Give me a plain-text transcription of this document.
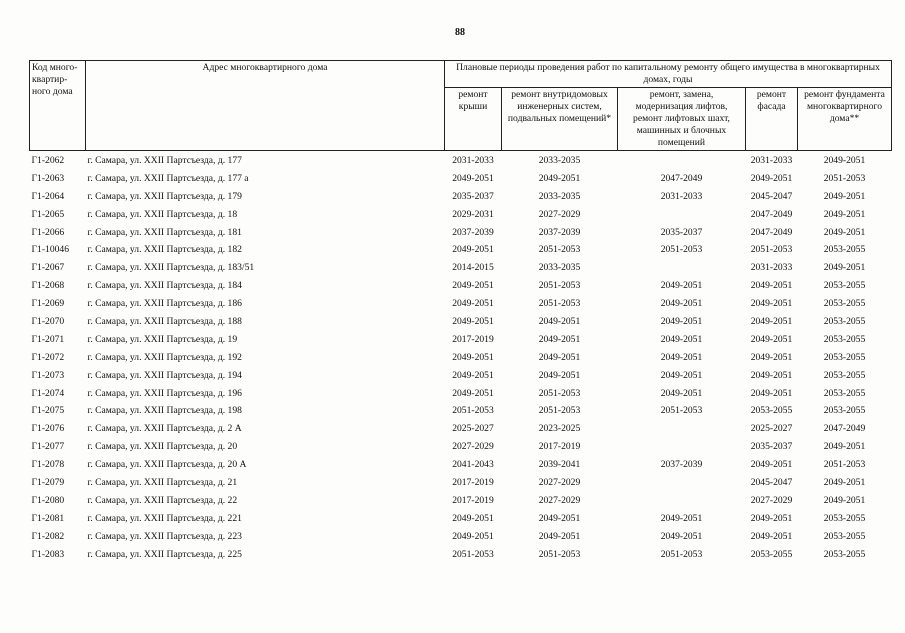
88
Код много-квартир-ного дома	Адрес многоквартирного дома	Плановые периоды проведения работ по капитальному ремонту общего имущества в многоквартирных домах, годы				
		ремонт крыши	ремонт внутридомовых инженерных систем, подвальных помещений*	ремонт, замена, модернизация лифтов, ремонт лифтовых шахт, машинных и блочных помещений	ремонт фасада	ремонт фундамента многоквартирного дома**
Г1-2062	г. Самара, ул. XXII Партсъезда, д. 177	2031-2033	2033-2035		2031-2033	2049-2051
Г1-2063	г. Самара, ул. XXII Партсъезда, д. 177 а	2049-2051	2049-2051	2047-2049	2049-2051	2051-2053
Г1-2064	г. Самара, ул. XXII Партсъезда, д. 179	2035-2037	2033-2035	2031-2033	2045-2047	2049-2051
Г1-2065	г. Самара, ул. XXII Партсъезда, д. 18	2029-2031	2027-2029		2047-2049	2049-2051
Г1-2066	г. Самара, ул. XXII Партсъезда, д. 181	2037-2039	2037-2039	2035-2037	2047-2049	2049-2051
Г1-10046	г. Самара, ул. XXII Партсъезда, д. 182	2049-2051	2051-2053	2051-2053	2051-2053	2053-2055
Г1-2067	г. Самара, ул. XXII Партсъезда, д. 183/51	2014-2015	2033-2035		2031-2033	2049-2051
Г1-2068	г. Самара, ул. XXII Партсъезда, д. 184	2049-2051	2051-2053	2049-2051	2049-2051	2053-2055
Г1-2069	г. Самара, ул. XXII Партсъезда, д. 186	2049-2051	2051-2053	2049-2051	2049-2051	2053-2055
Г1-2070	г. Самара, ул. XXII Партсъезда, д. 188	2049-2051	2049-2051	2049-2051	2049-2051	2053-2055
Г1-2071	г. Самара, ул. XXII Партсъезда, д. 19	2017-2019	2049-2051	2049-2051	2049-2051	2053-2055
Г1-2072	г. Самара, ул. XXII Партсъезда, д. 192	2049-2051	2049-2051	2049-2051	2049-2051	2053-2055
Г1-2073	г. Самара, ул. XXII Партсъезда, д. 194	2049-2051	2049-2051	2049-2051	2049-2051	2053-2055
Г1-2074	г. Самара, ул. XXII Партсъезда, д. 196	2049-2051	2051-2053	2049-2051	2049-2051	2053-2055
Г1-2075	г. Самара, ул. XXII Партсъезда, д. 198	2051-2053	2051-2053	2051-2053	2053-2055	2053-2055
Г1-2076	г. Самара, ул. XXII Партсъезда, д. 2 А	2025-2027	2023-2025		2025-2027	2047-2049
Г1-2077	г. Самара, ул. XXII Партсъезда, д. 20	2027-2029	2017-2019		2035-2037	2049-2051
Г1-2078	г. Самара, ул. XXII Партсъезда, д. 20 А	2041-2043	2039-2041	2037-2039	2049-2051	2051-2053
Г1-2079	г. Самара, ул. XXII Партсъезда, д. 21	2017-2019	2027-2029		2045-2047	2049-2051
Г1-2080	г. Самара, ул. XXII Партсъезда, д. 22	2017-2019	2027-2029		2027-2029	2049-2051
Г1-2081	г. Самара, ул. XXII Партсъезда, д. 221	2049-2051	2049-2051	2049-2051	2049-2051	2053-2055
Г1-2082	г. Самара, ул. XXII Партсъезда, д. 223	2049-2051	2049-2051	2049-2051	2049-2051	2053-2055
Г1-2083	г. Самара, ул. XXII Партсъезда, д. 225	2051-2053	2051-2053	2051-2053	2053-2055	2053-2055
